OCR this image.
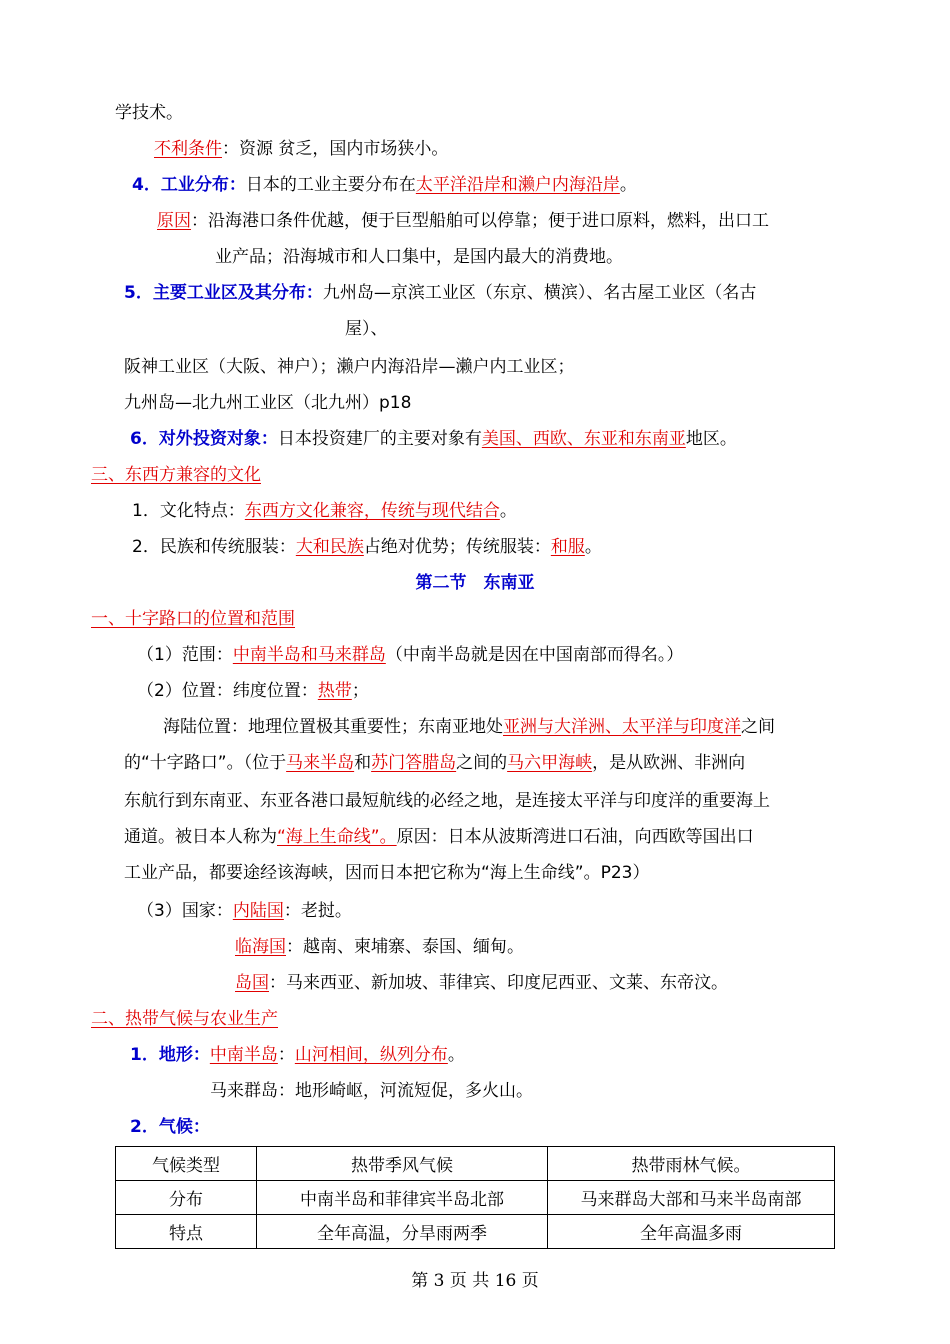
学技术。
不利条件：资源 贫乏，国内市场狭小。
4．工业分布：日本的工业主要分布在太平洋沿岸和濑户内海沿岸。
原因：沿海港口条件优越，便于巨型船舶可以停靠；便于进口原料，燃料，出口工
业产品；沿海城市和人口集中，是国内最大的消费地。
5．主要工业区及其分布：九州岛—京滨工业区（东京、横滨）、名古屋工业区（名古
屋）、
阪神工业区（大阪、神户）；濑户内海沿岸—濑户内工业区；
九州岛—北九州工业区（北九州）p18
6．对外投资对象：日本投资建厂的主要对象有美国、西欧、东亚和东南亚地区。
三、东西方兼容的文化
1．文化特点：东西方文化兼容，传统与现代结合。
2．民族和传统服装：大和民族占绝对优势；传统服装：和服。
第二节　东南亚
一、十字路口的位置和范围
（1）范围：中南半岛和马来群岛（中南半岛就是因在中国南部而得名。）
（2）位置：纬度位置：热带；
海陆位置：地理位置极其重要性；东南亚地处亚洲与大洋洲、太平洋与印度洋之间
的“十字路口”。（位于马来半岛和苏门答腊岛之间的马六甲海峡，是从欧洲、非洲向
东航行到东南亚、东亚各港口最短航线的必经之地，是连接太平洋与印度洋的重要海上
通道。被日本人称为“海上生命线”。原因：日本从波斯湾进口石油，向西欧等国出口
工业产品，都要途经该海峡，因而日本把它称为“海上生命线”。P23）
（3）国家：内陆国：老挝。
临海国：越南、柬埔寨、泰国、缅甸。
岛国：马来西亚、新加坡、菲律宾、印度尼西亚、文莱、东帝汶。
二、热带气候与农业生产
1．地形：中南半岛：山河相间，纵列分布。
马来群岛：地形崎岖，河流短促，多火山。
2．气候：
气候类型	热带季风气候	热带雨林气候。
分布	中南半岛和菲律宾半岛北部	马来群岛大部和马来半岛南部
特点	全年高温，分旱雨两季	全年高温多雨
第 3 页 共 16 页
